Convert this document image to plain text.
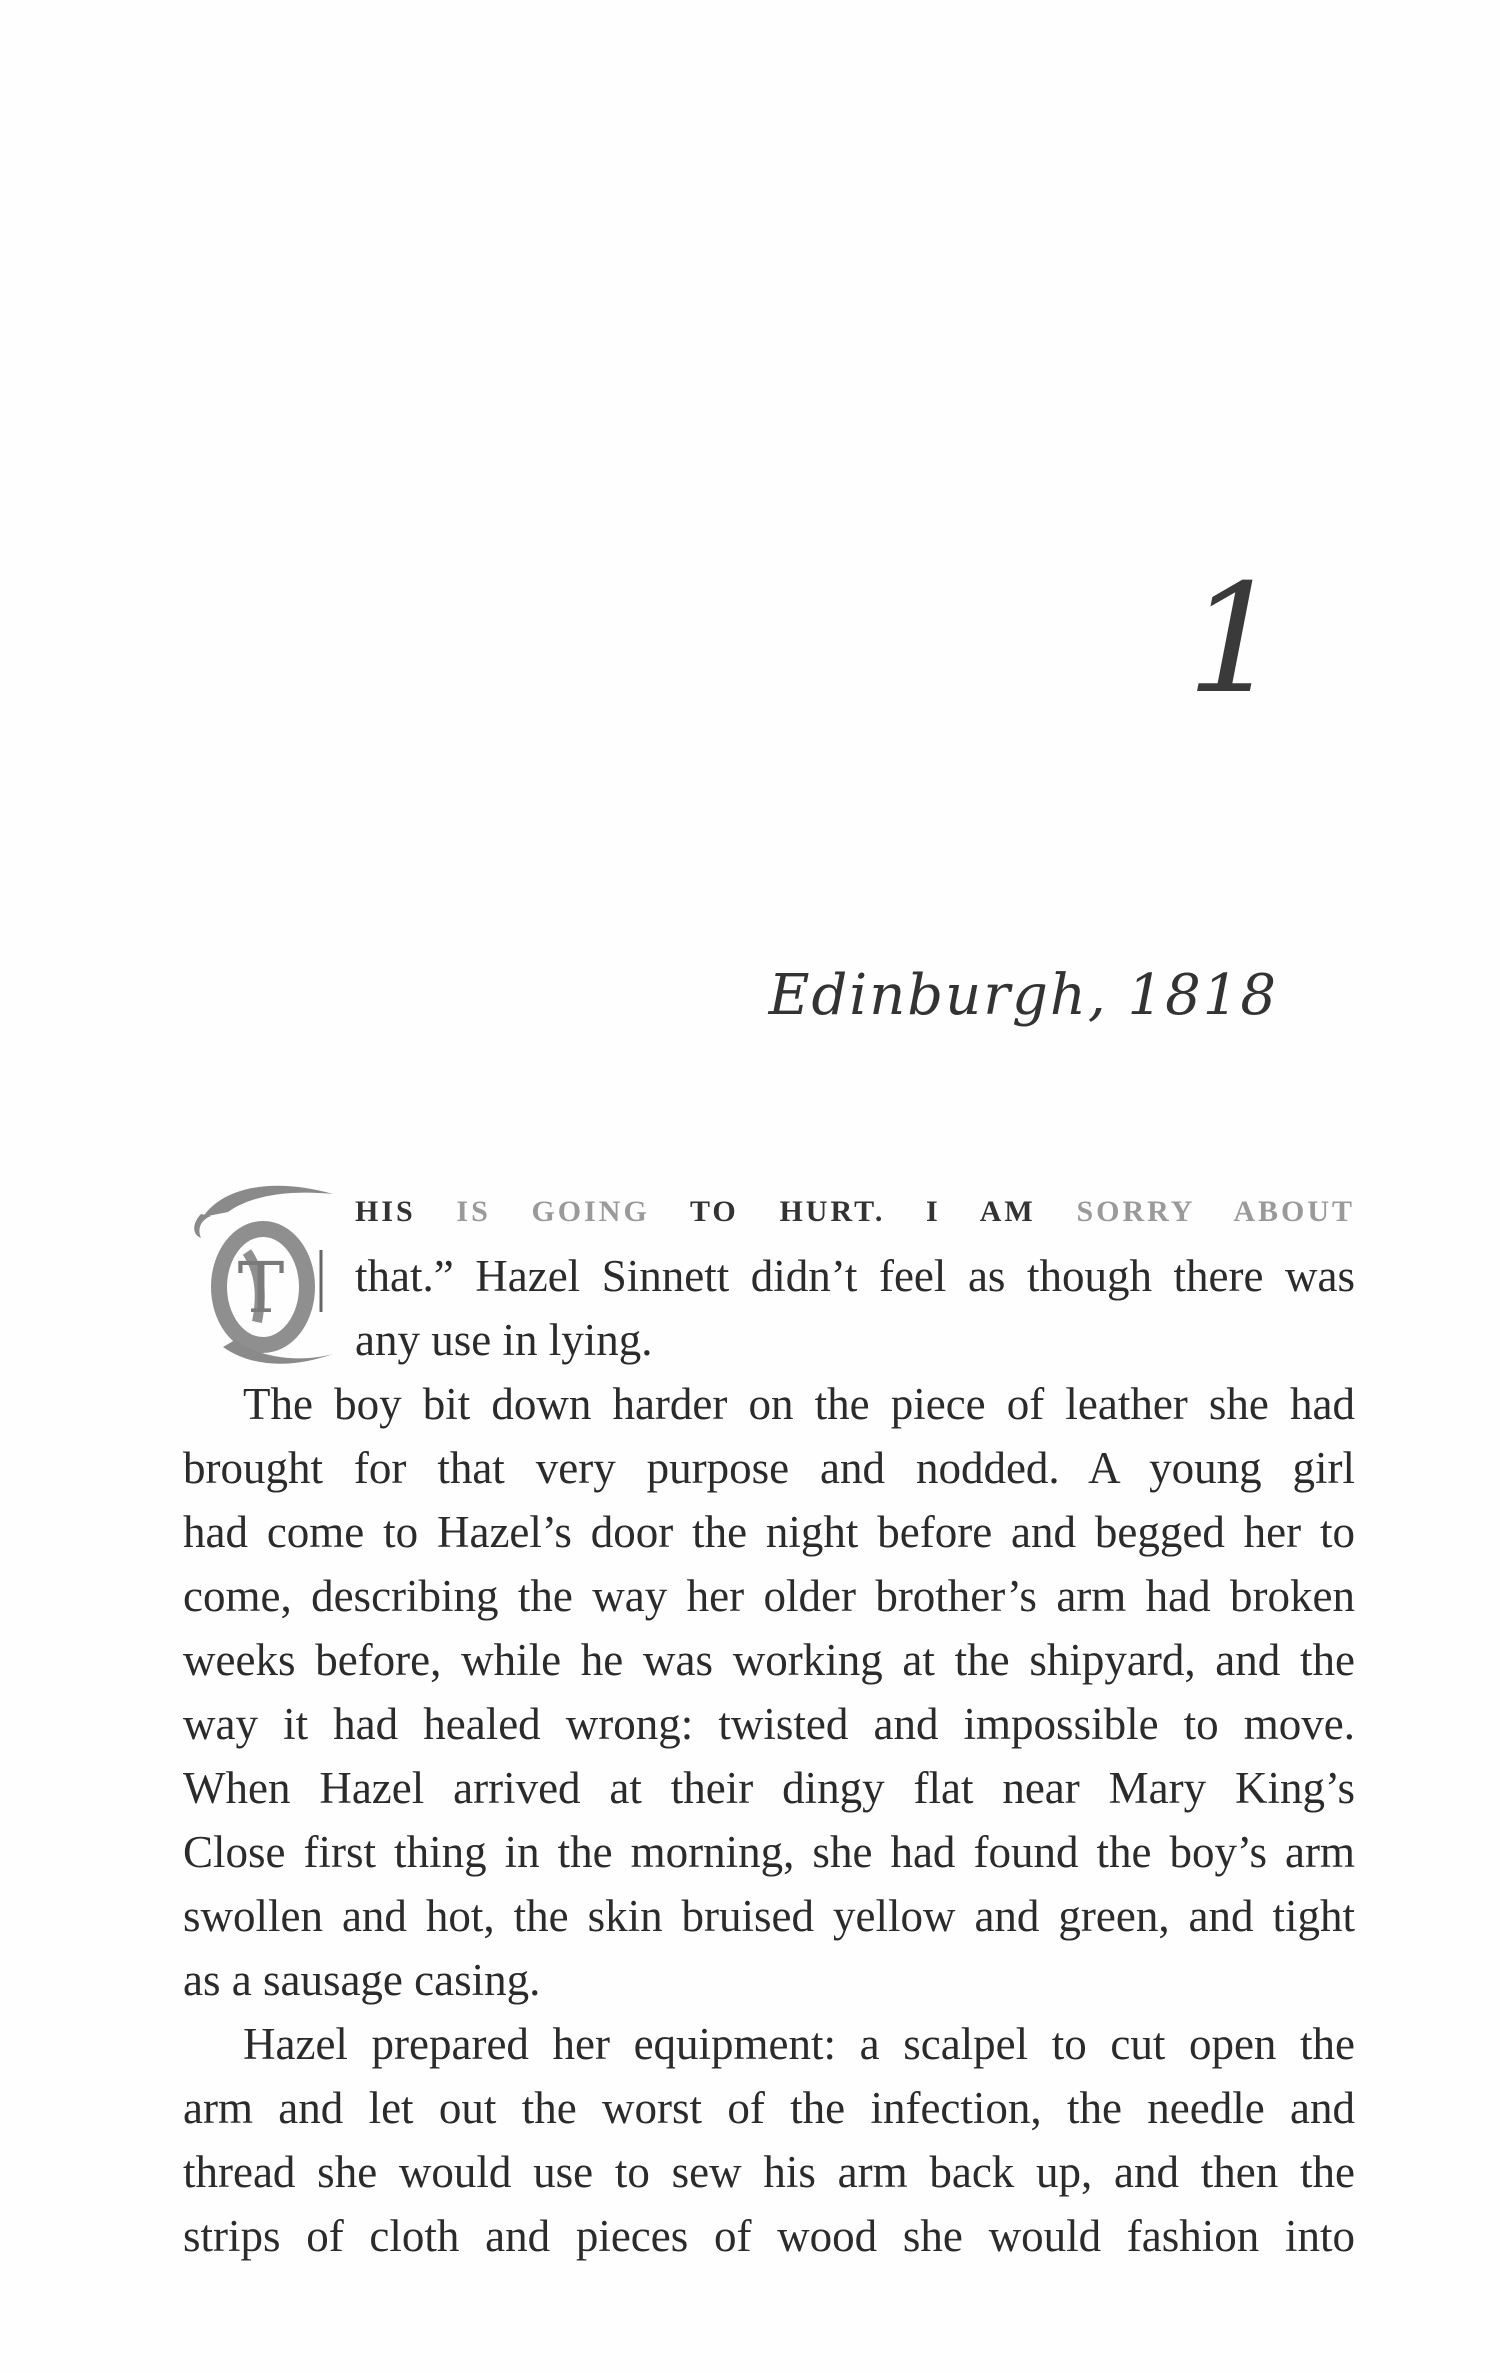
1
Edinburgh, 1818
T
HIS IS GOING TO HURT. I AM SORRY ABOUT
that.” Hazel Sinnett didn’t feel as though there was
any use in lying.
The boy bit down harder on the piece of leather she had
brought for that very purpose and nodded. A young girl
had come to Hazel’s door the night before and begged her to
come, describing the way her older brother’s arm had broken
weeks before, while he was working at the shipyard, and the
way it had healed wrong: twisted and impossible to move.
When Hazel arrived at their dingy flat near Mary King’s
Close first thing in the morning, she had found the boy’s arm
swollen and hot, the skin bruised yellow and green, and tight
as a sausage casing.
Hazel prepared her equipment: a scalpel to cut open the
arm and let out the worst of the infection, the needle and
thread she would use to sew his arm back up, and then the
strips of cloth and pieces of wood she would fashion into
